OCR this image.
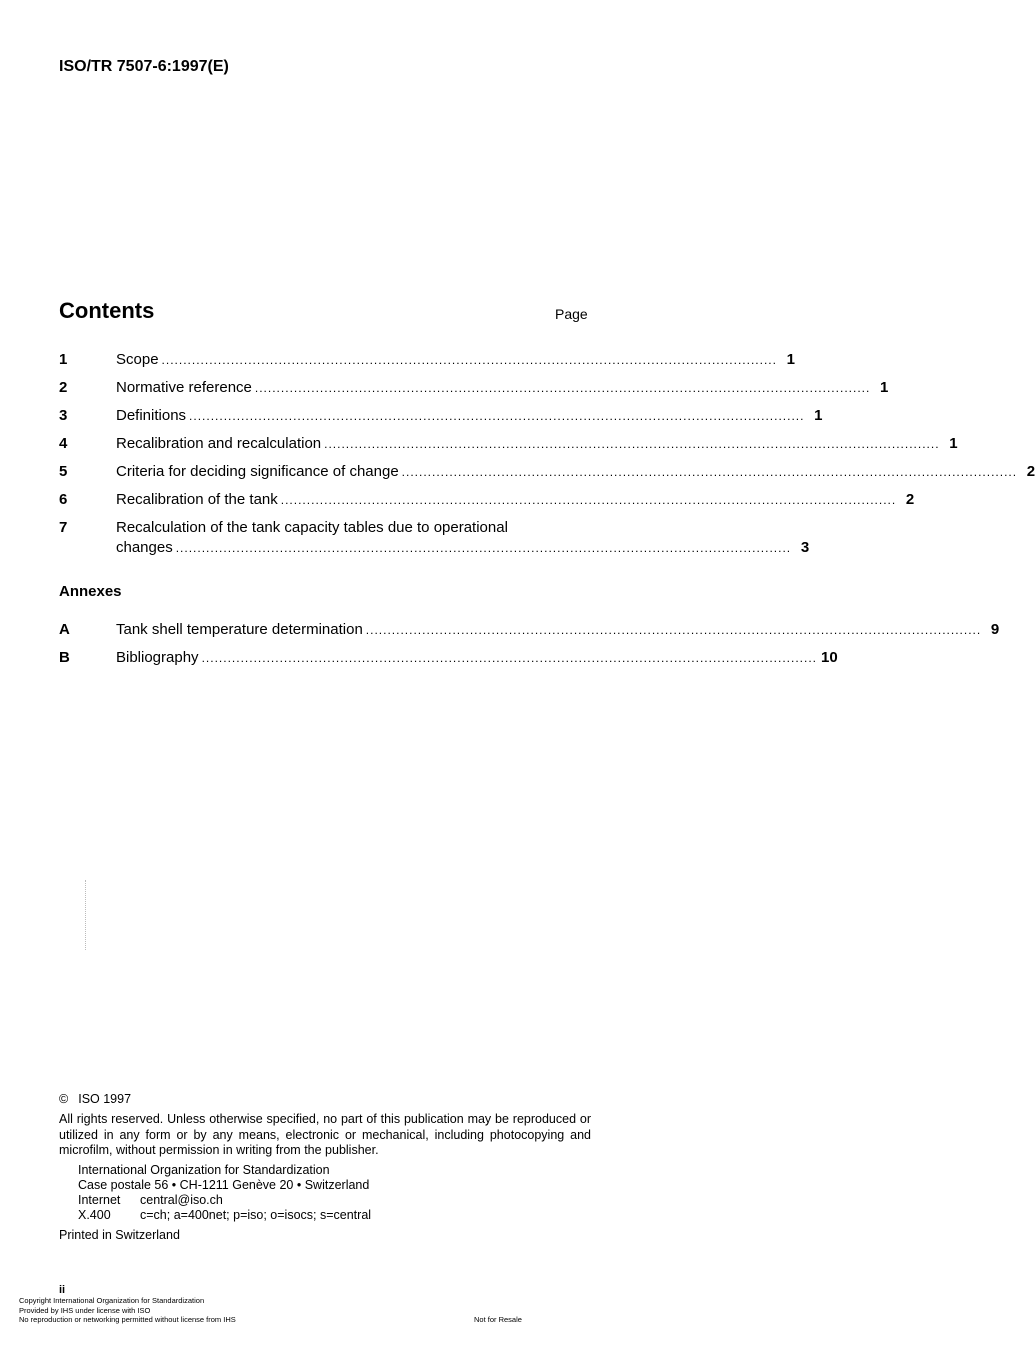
ISO/TR 7507-6:1997(E)
Contents	Page
1	Scope .............................................................................................................................................. 1
2	Normative reference .............................................................................................................................................. 1
3	Definitions .............................................................................................................................................. 1
4	Recalibration and recalculation .............................................................................................................................................. 1
5	Criteria for deciding significance of change .............................................................................................................................................. 2
6	Recalibration of the tank .............................................................................................................................................. 2
7	Recalculation of the tank capacity tables due to operational
changes .............................................................................................................................................. 3
Annexes
A	Tank shell temperature determination .............................................................................................................................................. 9
B	Bibliography .............................................................................................................................................. 10
© ISO 1997
All rights reserved. Unless otherwise specified, no part of this publication may be reproduced or utilized in any form or by any means, electronic or mechanical, including photocopying and microfilm, without permission in writing from the publisher.
International Organization for Standardization
Case postale 56 • CH-1211 Genève 20 • Switzerland
Internet central@iso.ch
X.400 c=ch; a=400net; p=iso; o=isocs; s=central
Printed in Switzerland
ii
Copyright International Organization for Standardization
Provided by IHS under license with ISO
No reproduction or networking permitted without license from IHS	Not for Resale
